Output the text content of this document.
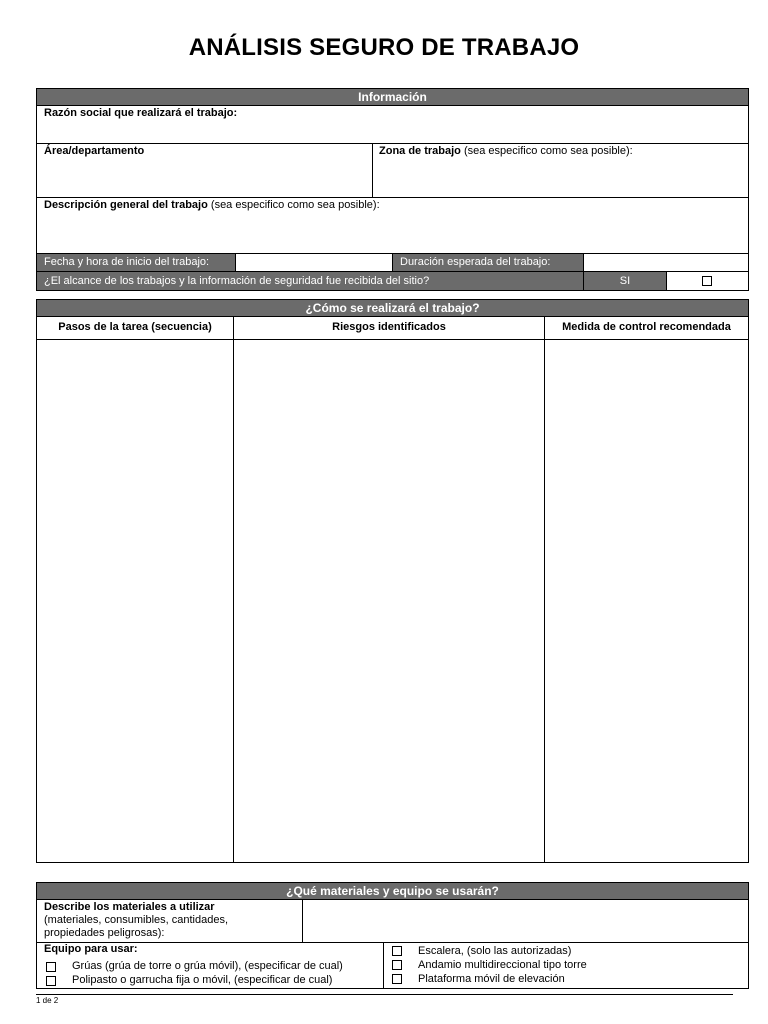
ANÁLISIS SEGURO DE TRABAJO
Información
Razón social que realizará el trabajo:
Área/departamento	Zona de trabajo (sea especifico como sea posible):
Descripción general del trabajo (sea especifico como sea posible):
Fecha y hora de inicio del trabajo:	Duración esperada del trabajo:
¿El alcance de los trabajos y la información de seguridad fue recibida del sitio?	SI
¿Cómo se realizará el trabajo?
Pasos de la tarea (secuencia)	Riesgos identificados	Medida de control recomendada
¿Qué materiales y equipo se usarán?
Describe los materiales a utilizar
(materiales, consumibles, cantidades,
propiedades peligrosas):
Equipo para usar:
Grúas (grúa de torre o grúa móvil), (especificar de cual)
Polipasto o garrucha fija o móvil, (especificar de cual)
Escalera, (solo las autorizadas)
Andamio multidireccional tipo torre
Plataforma móvil de elevación
1 de 2
